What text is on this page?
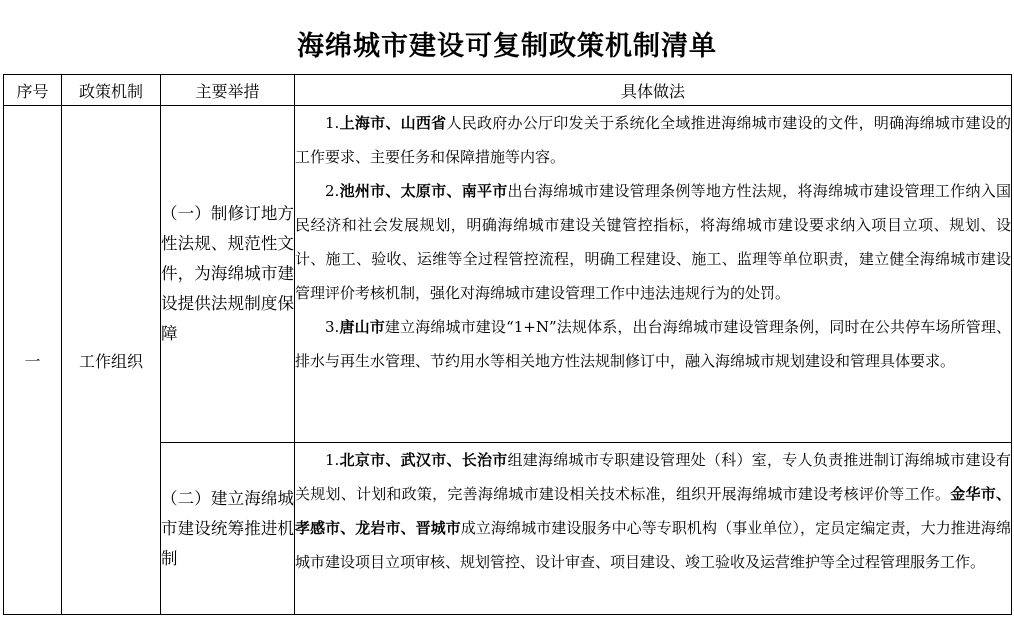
海绵城市建设可复制政策机制清单
序号	政策机制	主要举措	具体做法
一	工作组织	（一）制修订地方性法规、规范性文件，为海绵城市建设提供法规制度保障	1.上海市、山西省人民政府办公厅印发关于系统化全域推进海绵城市建设的文件，明确海绵城市建设的工作要求、主要任务和保障措施等内容。

2.池州市、太原市、南平市出台海绵城市建设管理条例等地方性法规，将海绵城市建设管理工作纳入国民经济和社会发展规划，明确海绵城市建设关键管控指标，将海绵城市建设要求纳入项目立项、规划、设计、施工、验收、运维等全过程管控流程，明确工程建设、施工、监理等单位职责，建立健全海绵城市建设管理评价考核机制，强化对海绵城市建设管理工作中违法违规行为的处罚。

3.唐山市建立海绵城市建设“1+N”法规体系，出台海绵城市建设管理条例，同时在公共停车场所管理、排水与再生水管理、节约用水等相关地方性法规制修订中，融入海绵城市规划建设和管理具体要求。

		（二）建立海绵城市建设统筹推进机制	1.北京市、武汉市、长治市组建海绵城市专职建设管理处（科）室，专人负责推进制订海绵城市建设有关规划、计划和政策，完善海绵城市建设相关技术标准，组织开展海绵城市建设考核评价等工作。金华市、孝感市、龙岩市、晋城市成立海绵城市建设服务中心等专职机构（事业单位），定员定编定责，大力推进海绵城市建设项目立项审核、规划管控、设计审查、项目建设、竣工验收及运营维护等全过程管理服务工作。
